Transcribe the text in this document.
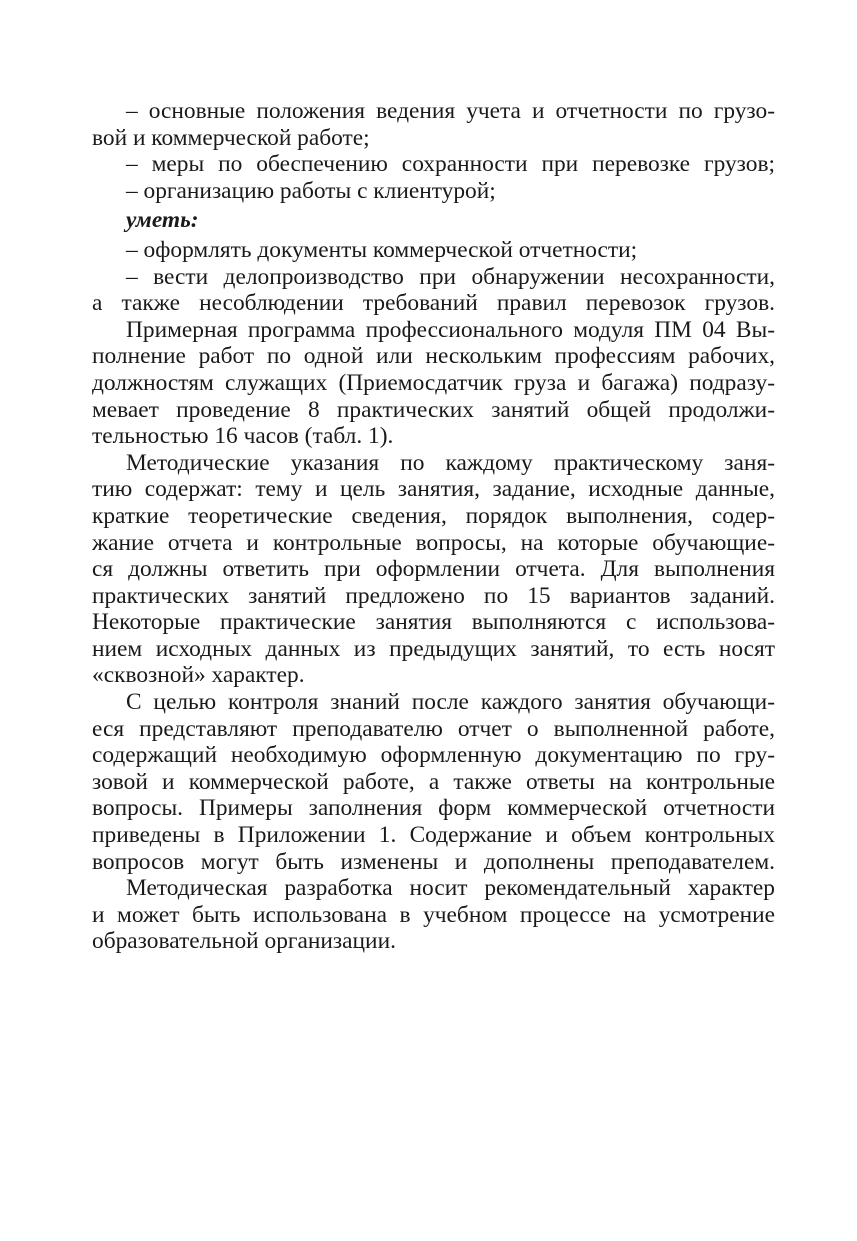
– основные положения ведения учета и отчетности по грузо-
вой и коммерческой работе;
– меры по обеспечению сохранности при перевозке грузов;
– организацию работы с клиентурой;
уметь:
– оформлять документы коммерческой отчетности;
– вести делопроизводство при обнаружении несохранности,
а также несоблюдении требований правил перевозок грузов.
Примерная программа профессионального модуля ПМ 04 Вы-
полнение работ по одной или нескольким профессиям рабочих,
должностям служащих (Приемосдатчик груза и багажа) подразу-
мевает проведение 8 практических занятий общей продолжи-
тельностью 16 часов (табл. 1).
Методические указания по каждому практическому заня-
тию содержат: тему и цель занятия, задание, исходные данные,
краткие теоретические сведения, порядок выполнения, содер-
жание отчета и контрольные вопросы, на которые обучающие-
ся должны ответить при оформлении отчета. Для выполнения
практических занятий предложено по 15 вариантов заданий.
Некоторые практические занятия выполняются с использова-
нием исходных данных из предыдущих занятий, то есть носят
«сквозной» характер.
С целью контроля знаний после каждого занятия обучающи-
еся представляют преподавателю отчет о выполненной работе,
содержащий необходимую оформленную документацию по гру-
зовой и коммерческой работе, а также ответы на контрольные
вопросы. Примеры заполнения форм коммерческой отчетности
приведены в Приложении 1. Содержание и объем контрольных
вопросов могут быть изменены и дополнены преподавателем.
Методическая разработка носит рекомендательный характер
и может быть использована в учебном процессе на усмотрение
образовательной организации.
